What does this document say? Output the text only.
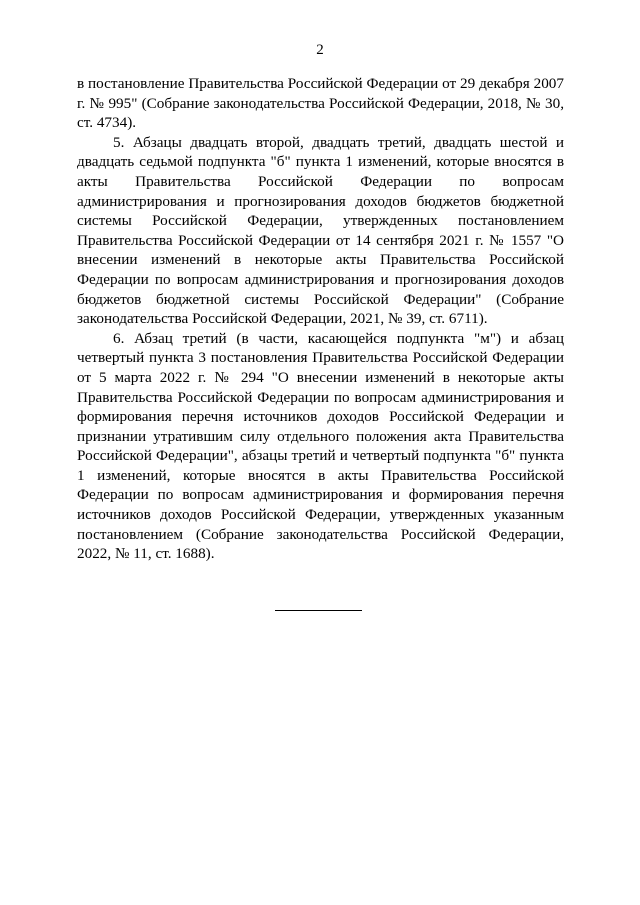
2

в постановление Правительства Российской Федерации от 29 декабря 2007 г. № 995" (Собрание законодательства Российской Федерации, 2018, № 30, ст. 4734).

5. Абзацы двадцать второй, двадцать третий, двадцать шестой и двадцать седьмой подпункта "б" пункта 1 изменений, которые вносятся в акты Правительства Российской Федерации по вопросам администрирования и прогнозирования доходов бюджетов бюджетной системы Российской Федерации, утвержденных постановлением Правительства Российской Федерации от 14 сентября 2021 г. № 1557 "О внесении изменений в некоторые акты Правительства Российской Федерации по вопросам администрирования и прогнозирования доходов бюджетов бюджетной системы Российской Федерации" (Собрание законодательства Российской Федерации, 2021, № 39, ст. 6711).

6. Абзац третий (в части, касающейся подпункта "м") и абзац четвертый пункта 3 постановления Правительства Российской Федерации от 5 марта 2022 г. № 294 "О внесении изменений в некоторые акты Правительства Российской Федерации по вопросам администрирования и формирования перечня источников доходов Российской Федерации и признании утратившим силу отдельного положения акта Правительства Российской Федерации", абзацы третий и четвертый подпункта "б" пункта 1 изменений, которые вносятся в акты Правительства Российской Федерации по вопросам администрирования и формирования перечня источников доходов Российской Федерации, утвержденных указанным постановлением (Собрание законодательства Российской Федерации, 2022, № 11, ст. 1688).
